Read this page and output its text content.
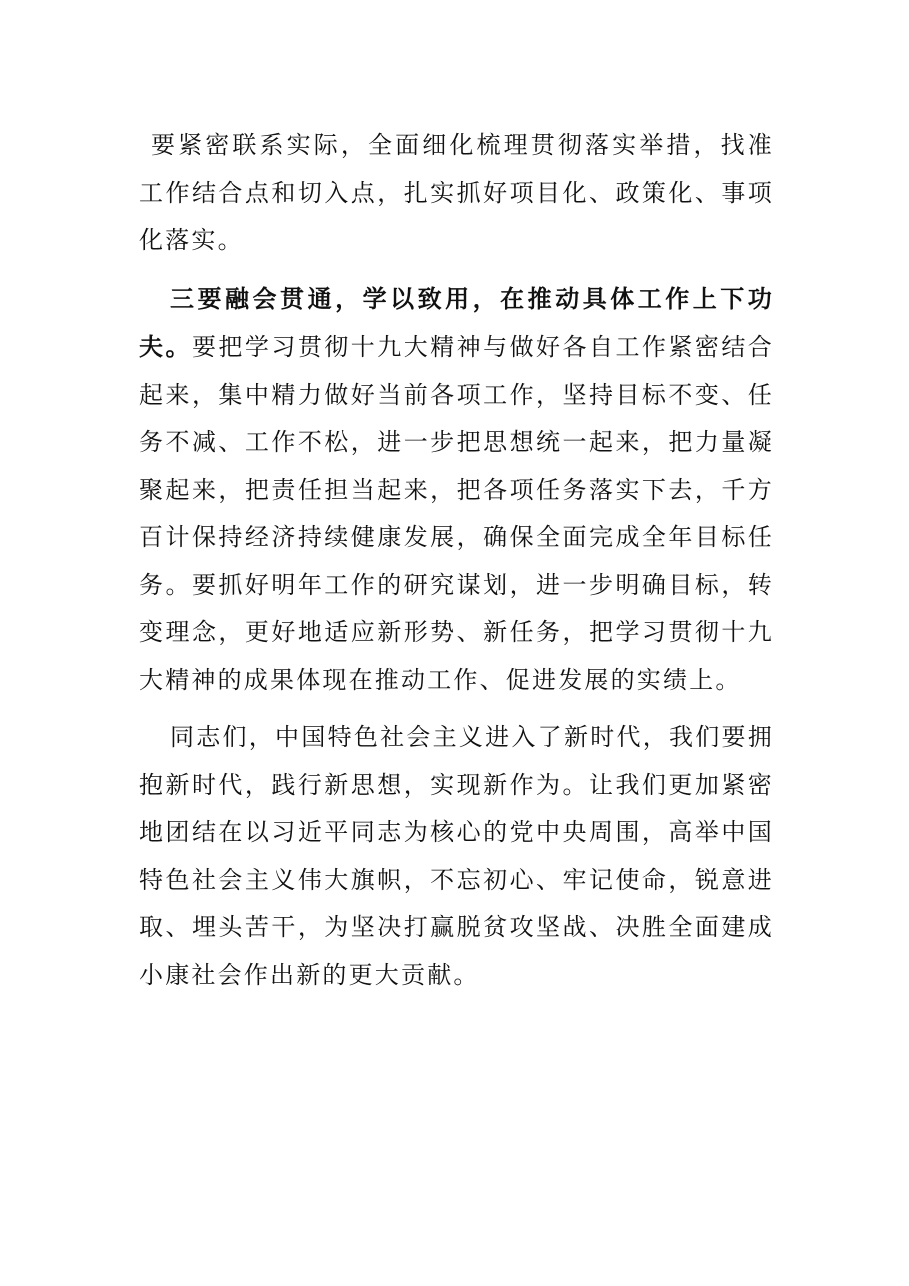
要紧密联系实际，全面细化梳理贯彻落实举措，找准工作结合点和切入点，扎实抓好项目化、政策化、事项化落实。

三要融会贯通，学以致用，在推动具体工作上下功夫。要把学习贯彻十九大精神与做好各自工作紧密结合起来，集中精力做好当前各项工作，坚持目标不变、任务不减、工作不松，进一步把思想统一起来，把力量凝聚起来，把责任担当起来，把各项任务落实下去，千方百计保持经济持续健康发展，确保全面完成全年目标任务。要抓好明年工作的研究谋划，进一步明确目标，转变理念，更好地适应新形势、新任务，把学习贯彻十九大精神的成果体现在推动工作、促进发展的实绩上。

同志们，中国特色社会主义进入了新时代，我们要拥抱新时代，践行新思想，实现新作为。让我们更加紧密地团结在以习近平同志为核心的党中央周围，高举中国特色社会主义伟大旗帜，不忘初心、牢记使命，锐意进取、埋头苦干，为坚决打赢脱贫攻坚战、决胜全面建成小康社会作出新的更大贡献。
